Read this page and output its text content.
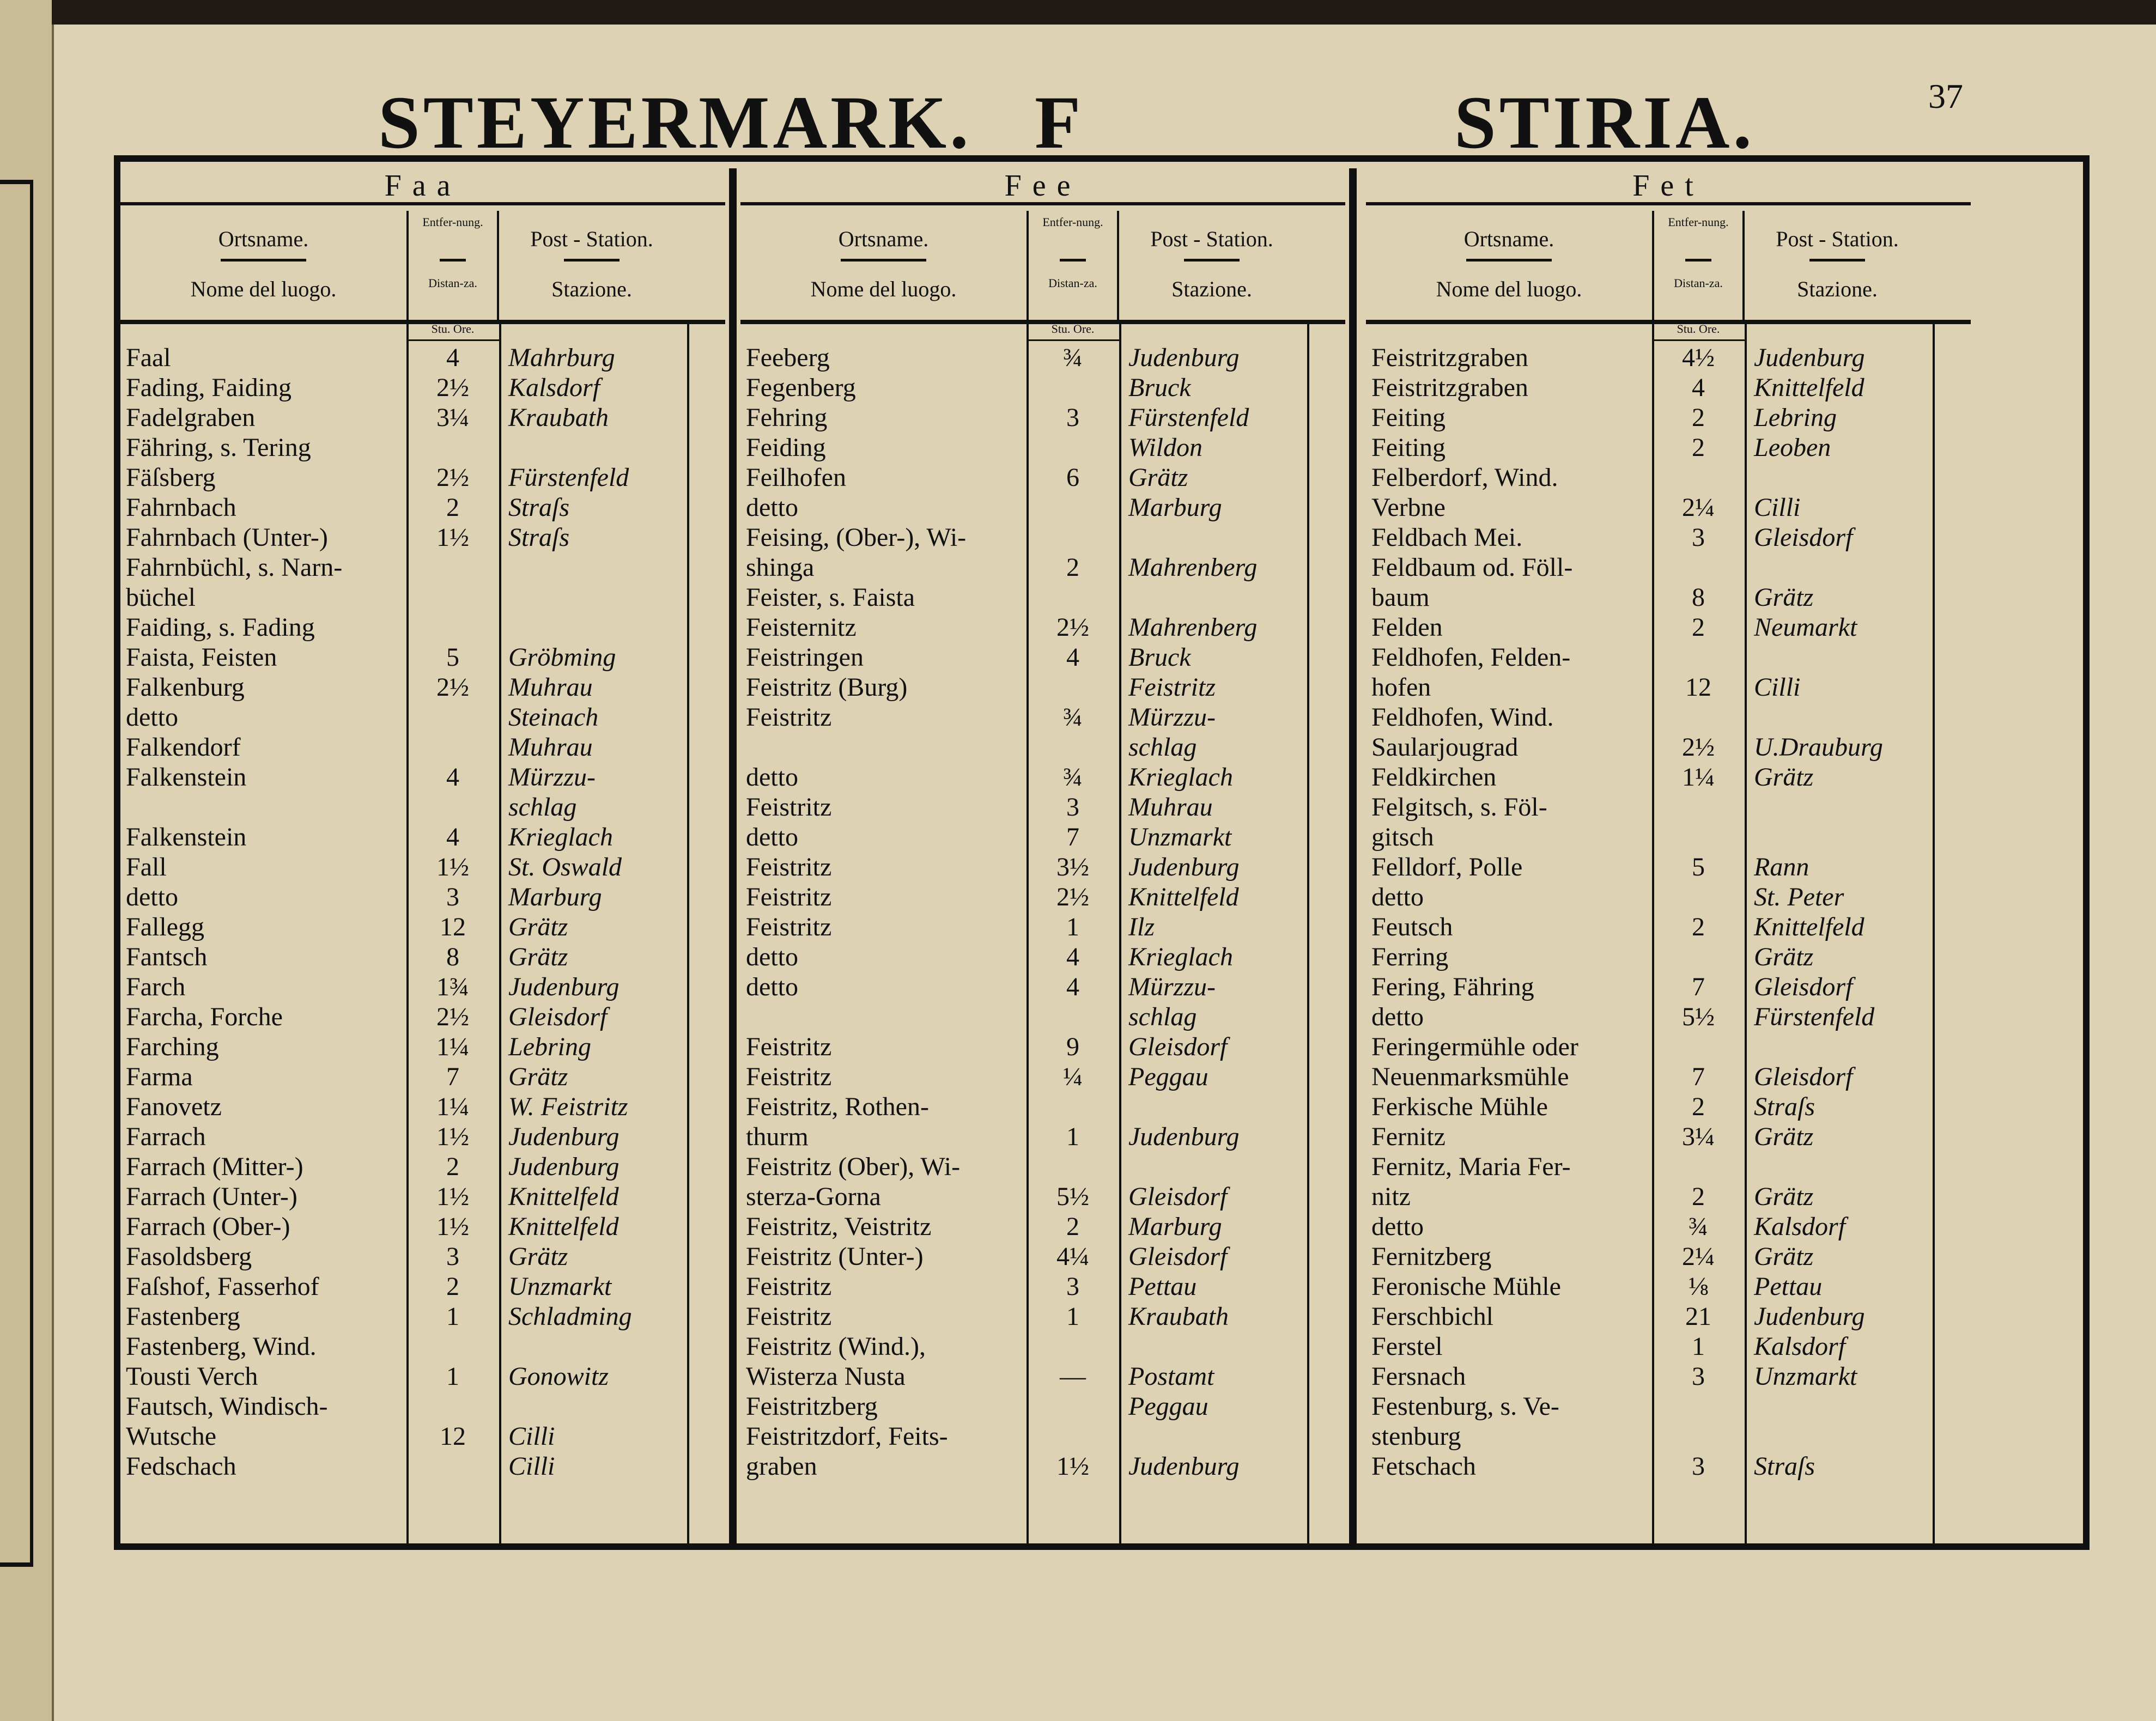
STEYERMARK. F	STIRIA.	37
Faa
Ortsname.
Nome del luogo.
Entfer-nung.
Distan-za.
Post - Station.
Stazione.
Stu. Ore.
Faal	4	Mahrburg
Fading, Faiding	2½	Kalsdorf
Fadelgraben	3¼	Kraubath
Fähring, s. Tering
Fäſsberg	2½	Fürstenfeld
Fahrnbach	2	Straſs
Fahrnbach (Unter-)	1½	Straſs
Fahrnbüchl, s. Narn-
büchel
Faiding, s. Fading
Faista, Feisten	5	Gröbming
Falkenburg	2½	Muhrau
detto	Steinach
Falkendorf	Muhrau
Falkenstein	4	Mürzzu-
schlag
Falkenstein	4	Krieglach
Fall	1½	St. Oswald
detto	3	Marburg
Fallegg	12	Grätz
Fantsch	8	Grätz
Farch	1¾	Judenburg
Farcha, Forche	2½	Gleisdorf
Farching	1¼	Lebring
Farma	7	Grätz
Fanovetz	1¼	W. Feistritz
Farrach	1½	Judenburg
Farrach (Mitter-)	2	Judenburg
Farrach (Unter-)	1½	Knittelfeld
Farrach (Ober-)	1½	Knittelfeld
Fasoldsberg	3	Grätz
Faſshof, Fasserhof	2	Unzmarkt
Fastenberg	1	Schladming
Fastenberg, Wind.
Tousti Verch	1	Gonowitz
Fautsch, Windisch-
Wutsche	12	Cilli
Fedschach	Cilli
Fee
Ortsname.
Nome del luogo.
Entfer-nung.
Distan-za.
Post - Station.
Stazione.
Stu. Ore.
Feeberg	¾	Judenburg
Fegenberg	Bruck
Fehring	3	Fürstenfeld
Feiding	Wildon
Feilhofen	6	Grätz
detto	Marburg
Feising, (Ober-), Wi-
shinga	2	Mahrenberg
Feister, s. Faista
Feisternitz	2½	Mahrenberg
Feistringen	4	Bruck
Feistritz (Burg)	Feistritz
Feistritz	¾	Mürzzu-
schlag
detto	¾	Krieglach
Feistritz	3	Muhrau
detto	7	Unzmarkt
Feistritz	3½	Judenburg
Feistritz	2½	Knittelfeld
Feistritz	1	Ilz
detto	4	Krieglach
detto	4	Mürzzu-
schlag
Feistritz	9	Gleisdorf
Feistritz	¼	Peggau
Feistritz, Rothen-
thurm	1	Judenburg
Feistritz (Ober), Wi-
sterza-Gorna	5½	Gleisdorf
Feistritz, Veistritz	2	Marburg
Feistritz (Unter-)	4¼	Gleisdorf
Feistritz	3	Pettau
Feistritz	1	Kraubath
Feistritz (Wind.),
Wisterza Nusta	—	Postamt
Feistritzberg	Peggau
Feistritzdorf, Feits-
graben	1½	Judenburg
Fet
Ortsname.
Nome del luogo.
Entfer-nung.
Distan-za.
Post - Station.
Stazione.
Stu. Ore.
Feistritzgraben	4½	Judenburg
Feistritzgraben	4	Knittelfeld
Feiting	2	Lebring
Feiting	2	Leoben
Felberdorf, Wind.
Verbne	2¼	Cilli
Feldbach Mei.	3	Gleisdorf
Feldbaum od. Föll-
baum	8	Grätz
Felden	2	Neumarkt
Feldhofen, Felden-
hofen	12	Cilli
Feldhofen, Wind.
Saularjougrad	2½	U.Drauburg
Feldkirchen	1¼	Grätz
Felgitsch, s. Föl-
gitsch
Felldorf, Polle	5	Rann
detto	St. Peter
Feutsch	2	Knittelfeld
Ferring	Grätz
Fering, Fähring	7	Gleisdorf
detto	5½	Fürstenfeld
Feringermühle oder
Neuenmarksmühle	7	Gleisdorf
Ferkische Mühle	2	Straſs
Fernitz	3¼	Grätz
Fernitz, Maria Fer-
nitz	2	Grätz
detto	¾	Kalsdorf
Fernitzberg	2¼	Grätz
Feronische Mühle	⅛	Pettau
Ferschbichl	21	Judenburg
Ferstel	1	Kalsdorf
Fersnach	3	Unzmarkt
Festenburg, s. Ve-
stenburg
Fetschach	3	Straſs
